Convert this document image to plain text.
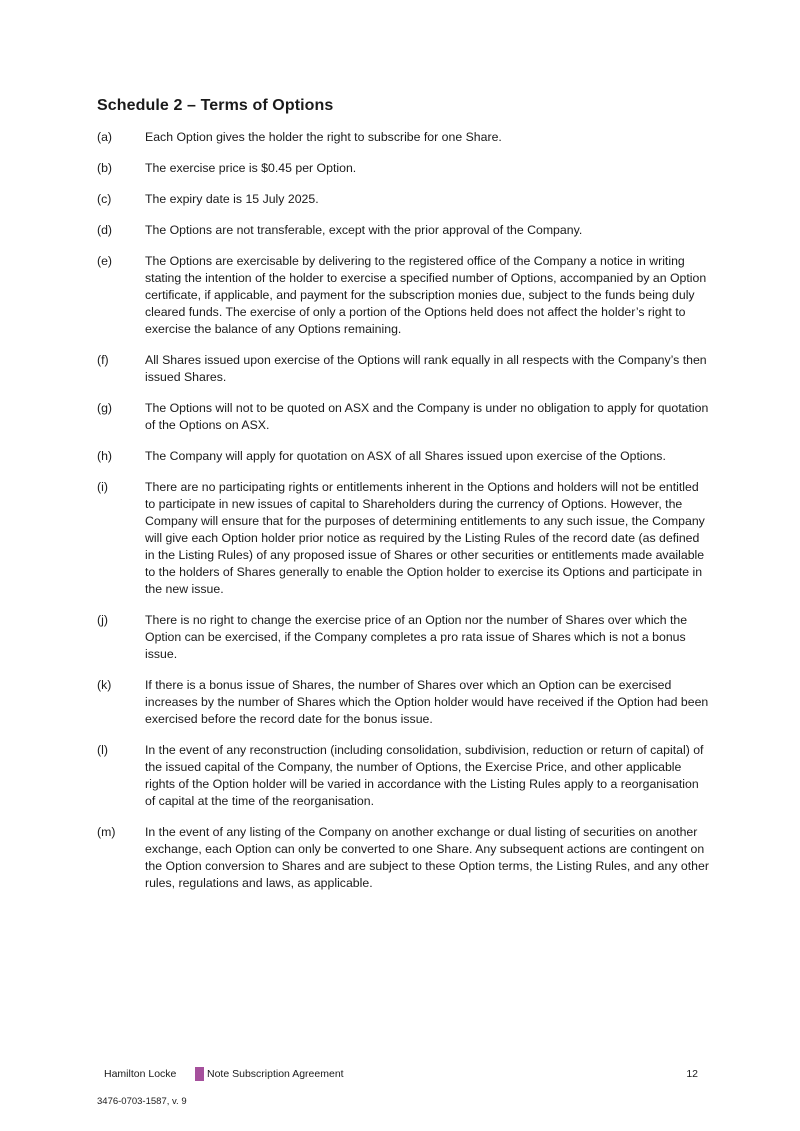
Schedule 2 – Terms of Options
(a)	Each Option gives the holder the right to subscribe for one Share.
(b)	The exercise price is $0.45 per Option.
(c)	The expiry date is 15 July 2025.
(d)	The Options are not transferable, except with the prior approval of the Company.
(e)	The Options are exercisable by delivering to the registered office of the Company a notice in writing stating the intention of the holder to exercise a specified number of Options, accompanied by an Option certificate, if applicable, and payment for the subscription monies due, subject to the funds being duly cleared funds. The exercise of only a portion of the Options held does not affect the holder’s right to exercise the balance of any Options remaining.
(f)	All Shares issued upon exercise of the Options will rank equally in all respects with the Company’s then issued Shares.
(g)	The Options will not to be quoted on ASX and the Company is under no obligation to apply for quotation of the Options on ASX.
(h)	The Company will apply for quotation on ASX of all Shares issued upon exercise of the Options.
(i)	There are no participating rights or entitlements inherent in the Options and holders will not be entitled to participate in new issues of capital to Shareholders during the currency of Options. However, the Company will ensure that for the purposes of determining entitlements to any such issue, the Company will give each Option holder prior notice as required by the Listing Rules of the record date (as defined in the Listing Rules) of any proposed issue of Shares or other securities or entitlements made available to the holders of Shares generally to enable the Option holder to exercise its Options and participate in the new issue.
(j)	There is no right to change the exercise price of an Option nor the number of Shares over which the Option can be exercised, if the Company completes a pro rata issue of Shares which is not a bonus issue.
(k)	If there is a bonus issue of Shares, the number of Shares over which an Option can be exercised increases by the number of Shares which the Option holder would have received if the Option had been exercised before the record date for the bonus issue.
(l)	In the event of any reconstruction (including consolidation, subdivision, reduction or return of capital) of the issued capital of the Company, the number of Options, the Exercise Price, and other applicable rights of the Option holder will be varied in accordance with the Listing Rules apply to a reorganisation of capital at the time of the reorganisation.
(m)	In the event of any listing of the Company on another exchange or dual listing of securities on another exchange, each Option can only be converted to one Share. Any subsequent actions are contingent on the Option conversion to Shares and are subject to these Option terms, the Listing Rules, and any other rules, regulations and laws, as applicable.
Hamilton Locke	Note Subscription Agreement	12
3476-0703-1587, v. 9
